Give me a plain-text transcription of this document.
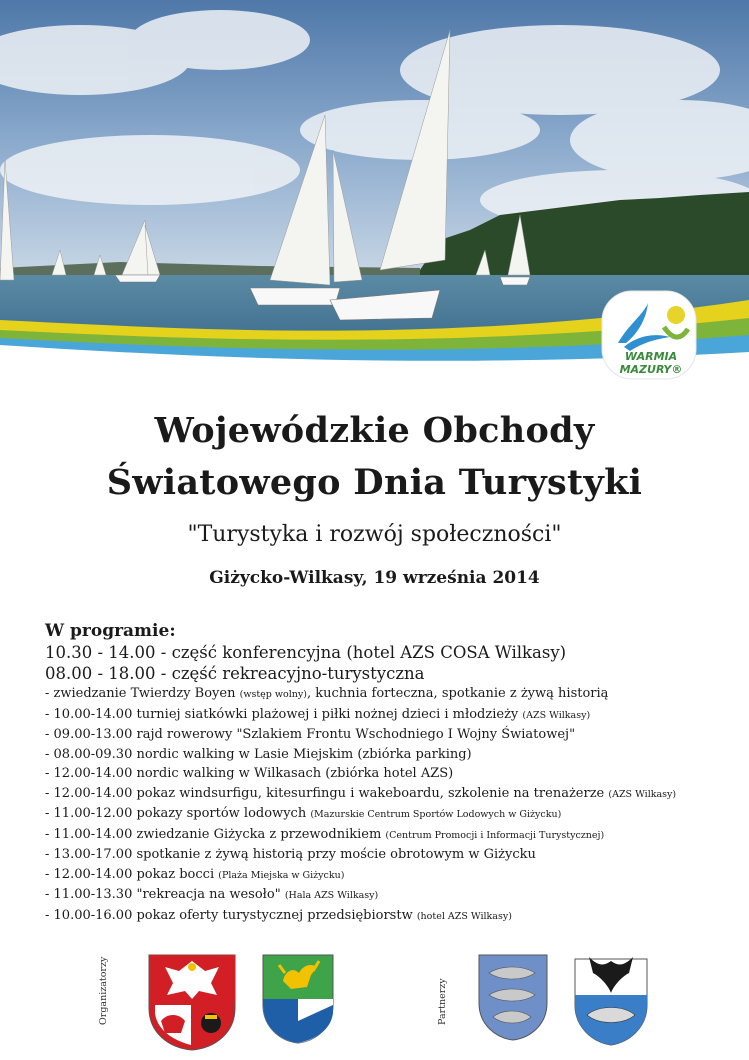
WARMIA
MAZURY®
Wojewódzkie Obchody
Światowego Dnia Turystyki
"Turystyka i rozwój społeczności"
Giżycko-Wilkasy, 19 września 2014
W programie:
10.30 - 14.00 - część konferencyjna (hotel AZS COSA Wilkasy)
08.00 - 18.00 - część rekreacyjno-turystyczna
- zwiedzanie Twierdzy Boyen (wstęp wolny), kuchnia forteczna, spotkanie z żywą historią
- 10.00-14.00 turniej siatkówki plażowej i piłki nożnej dzieci i młodzieży (AZS Wilkasy)
- 09.00-13.00 rajd rowerowy "Szlakiem Frontu Wschodniego I Wojny Światowej"
- 08.00-09.30 nordic walking w Lasie Miejskim (zbiórka parking)
- 12.00-14.00 nordic walking w Wilkasach (zbiórka hotel AZS)
- 12.00-14.00 pokaz windsurfigu, kitesurfingu i wakeboardu, szkolenie na trenażerze (AZS Wilkasy)
- 11.00-12.00 pokazy sportów lodowych (Mazurskie Centrum Sportów Lodowych w Giżycku)
- 11.00-14.00 zwiedzanie Giżycka z przewodnikiem (Centrum Promocji i Informacji Turystycznej)
- 13.00-17.00 spotkanie z żywą historią przy moście obrotowym w Giżycku
- 12.00-14.00 pokaz bocci (Plaża Miejska w Giżycku)
- 11.00-13.30 "rekreacja na wesoło" (Hala AZS Wilkasy)
- 10.00-16.00 pokaz oferty turystycznej przedsiębiorstw (hotel AZS Wilkasy)
Organizatorzy	Partnerzy
